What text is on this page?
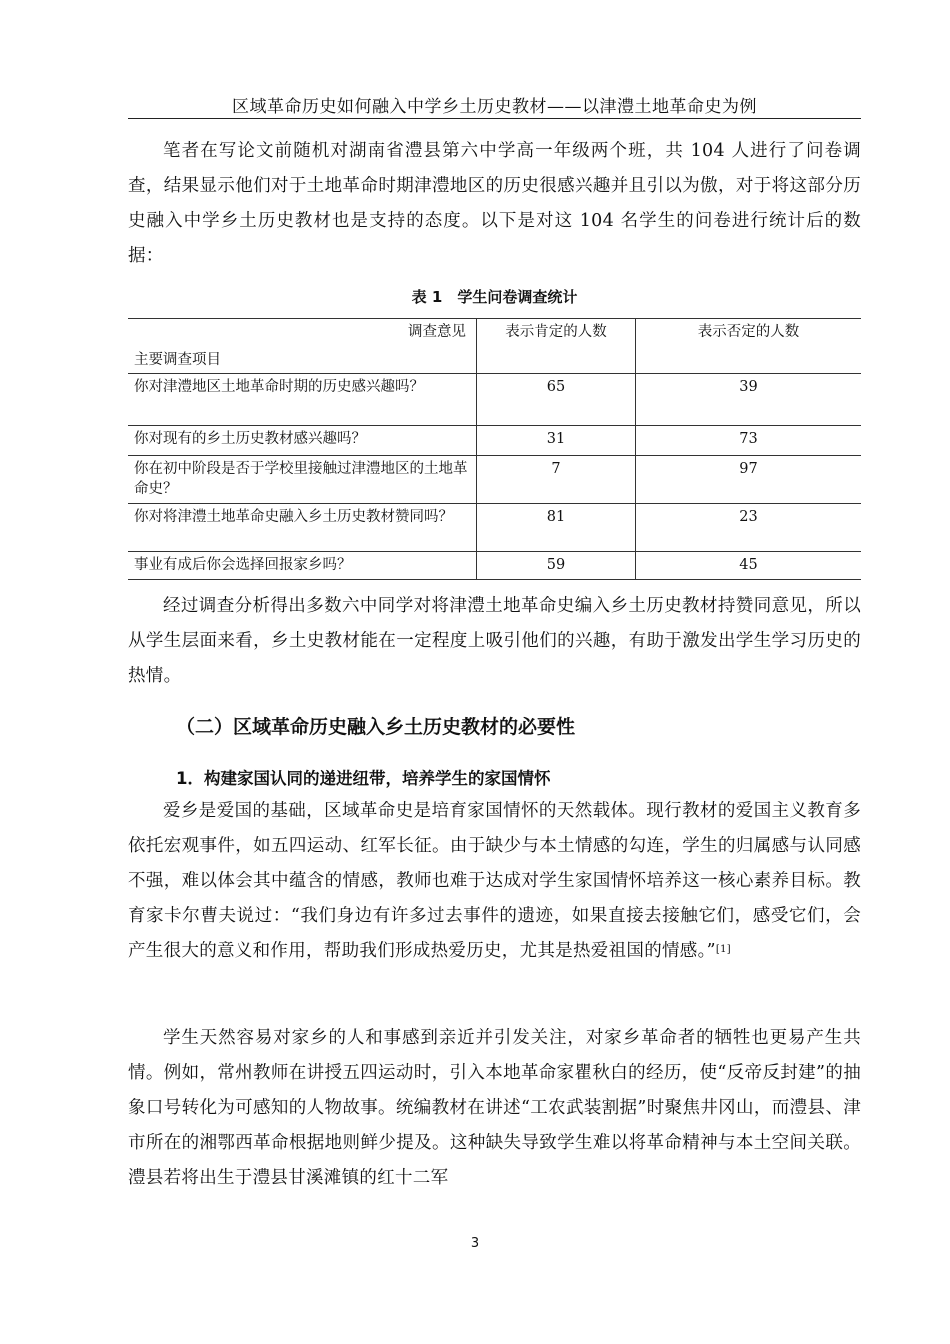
区域革命历史如何融入中学乡土历史教材——以津澧土地革命史为例

笔者在写论文前随机对湖南省澧县第六中学高一年级两个班，共 104 人进行了问卷调查，结果显示他们对于土地革命时期津澧地区的历史很感兴趣并且引以为傲，对于将这部分历史融入中学乡土历史教材也是支持的态度。以下是对这 104 名学生的问卷进行统计后的数据：

表 1　学生问卷调查统计
调查意见
主要调查项目	表示肯定的人数	表示否定的人数
你对津澧地区土地革命时期的历史感兴趣吗？	65	39
你对现有的乡土历史教材感兴趣吗？	31	73
你在初中阶段是否于学校里接触过津澧地区的土地革命史？	7	97
你对将津澧土地革命史融入乡土历史教材赞同吗？	81	23
事业有成后你会选择回报家乡吗？	59	45

经过调查分析得出多数六中同学对将津澧土地革命史编入乡土历史教材持赞同意见，所以从学生层面来看，乡土史教材能在一定程度上吸引他们的兴趣，有助于激发出学生学习历史的热情。

（二）区域革命历史融入乡土历史教材的必要性
1．构建家国认同的递进纽带，培养学生的家国情怀

爱乡是爱国的基础，区域革命史是培育家国情怀的天然载体。现行教材的爱国主义教育多依托宏观事件，如五四运动、红军长征。由于缺少与本土情感的勾连，学生的归属感与认同感不强，难以体会其中蕴含的情感，教师也难于达成对学生家国情怀培养这一核心素养目标。教育家卡尔曹夫说过：“我们身边有许多过去事件的遗迹，如果直接去接触它们，感受它们，会产生很大的意义和作用，帮助我们形成热爱历史，尤其是热爱祖国的情感。”[1]

学生天然容易对家乡的人和事感到亲近并引发关注，对家乡革命者的牺牲也更易产生共情。例如，常州教师在讲授五四运动时，引入本地革命家瞿秋白的经历，使“反帝反封建”的抽象口号转化为可感知的人物故事。统编教材在讲述“工农武装割据”时聚焦井冈山，而澧县、津市所在的湘鄂西革命根据地则鲜少提及。这种缺失导致学生难以将革命精神与本土空间关联。澧县若将出生于澧县甘溪滩镇的红十二军

3
